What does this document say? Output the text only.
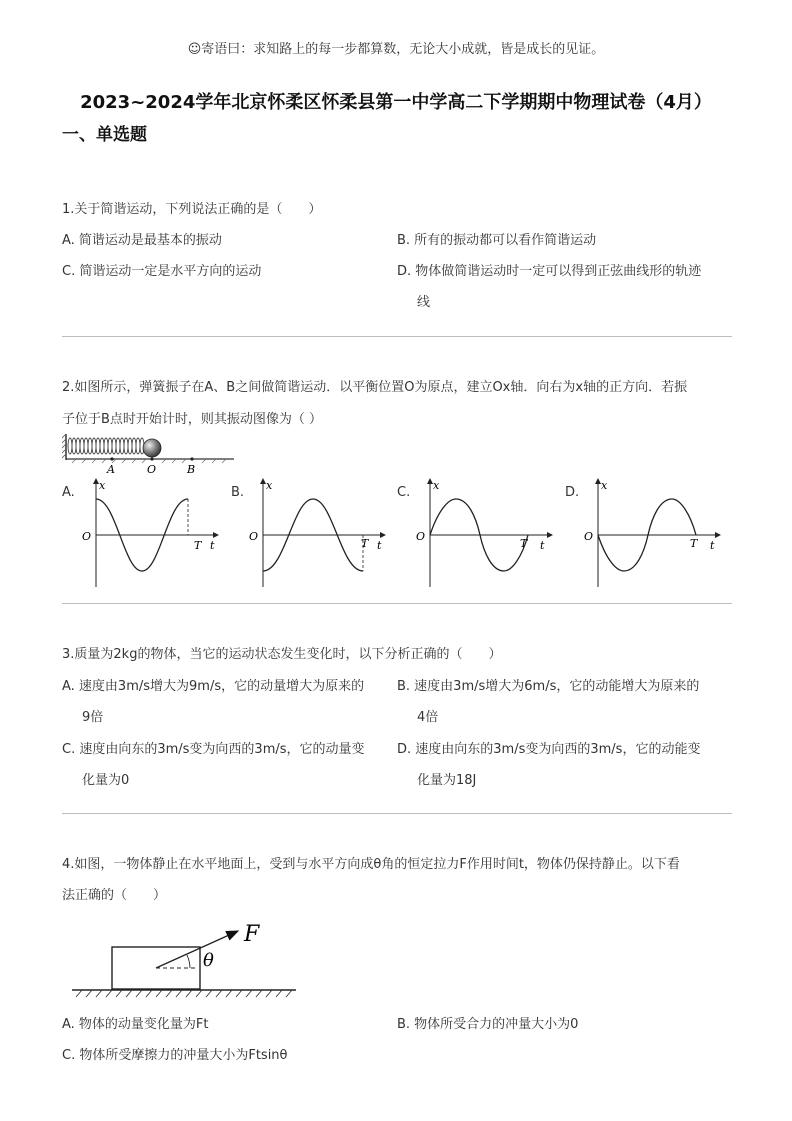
☺寄语曰：求知路上的每一步都算数，无论大小成就，皆是成长的见证。
2023~2024学年北京怀柔区怀柔县第一中学高二下学期期中物理试卷（4月）
一、单选题
1.关于简谐运动，下列说法正确的是（　　）
A. 简谐运动是最基本的振动	B. 所有的振动都可以看作简谐运动
C. 简谐运动一定是水平方向的运动	D. 物体做简谐运动时一定可以得到正弦曲线形的轨迹
线
2.如图所示，弹簧振子在A、B之间做简谐运动．以平衡位置O为原点，建立Ox轴．向右为x轴的正方向．若振
子位于B点时开始计时，则其振动图像为（ ）
A	O	B
A.	B.	C.	D.
x
O
T t
x
O
T t
x
O
T t
x
O
T t
3.质量为2kg的物体，当它的运动状态发生变化时，以下分析正确的（　　）
A. 速度由3m/s增大为9m/s，它的动量增大为原来的
9倍
B. 速度由3m/s增大为6m/s，它的动能增大为原来的
4倍
C. 速度由向东的3m/s变为向西的3m/s，它的动量变
化量为0
D. 速度由向东的3m/s变为向西的3m/s，它的动能变
化量为18J
4.如图，一物体静止在水平地面上，受到与水平方向成θ角的恒定拉力F作用时间t，物体仍保持静止。以下看
法正确的（　　）
F
θ
A. 物体的动量变化量为Ft	B. 物体所受合力的冲量大小为0
C. 物体所受摩擦力的冲量大小为Ftsinθ
